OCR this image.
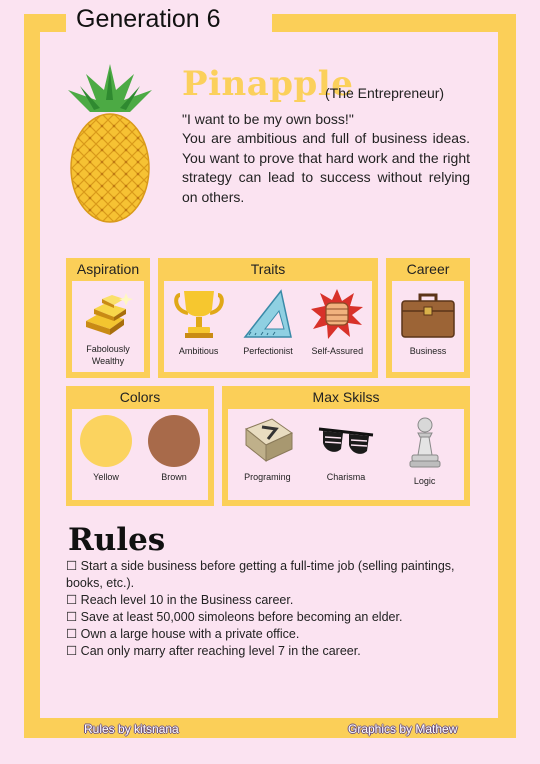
Generation 6
Pinapple
(The Entrepreneur)
"I want to be my own boss!"

You are ambitious and full of business ideas. You want to prove that hard work and the right strategy can lead to success without relying on others.

Aspiration
Fabolously Wealthy
Traits
Ambitious	Perfectionist Self-Assured
Career
Business
Colors
Yellow	Brown
Max Skilss
Programing	Charisma	Logic
Rules
☐ Start a side business before getting a full-time job (selling paintings, books, etc.).
☐ Reach level 10 in the Business career.
☐ Save at least 50,000 simoleons before becoming an elder.
☐ Own a large house with a private office.
☐ Can only marry after reaching level 7 in the career.
Rules by kitsnana	Graphics by Mathew
